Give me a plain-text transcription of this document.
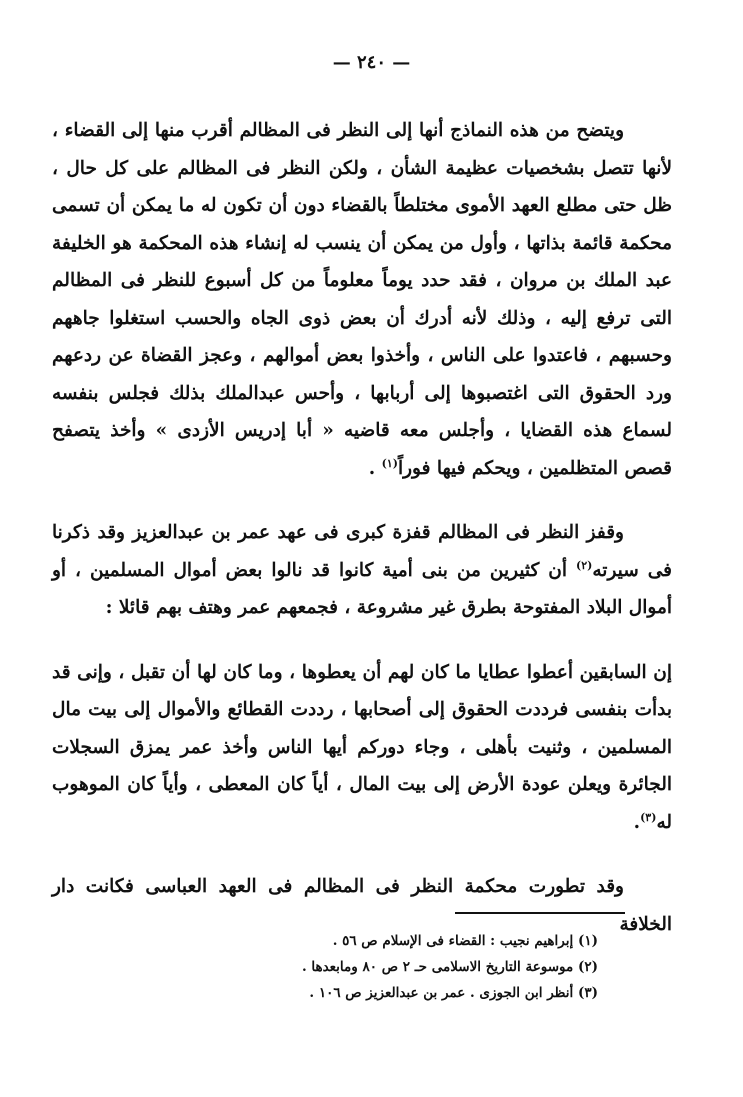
— ٢٤٠ —

ويتضح من هذه النماذج أنها إلى النظر فى المظالم أقرب منها إلى القضاء ، لأنها تتصل بشخصيات عظيمة الشأن ، ولكن النظر فى المظالم على كل حال ، ظل حتى مطلع العهد الأموى مختلطاً بالقضاء دون أن تكون له ما يمكن أن تسمى محكمة قائمة بذاتها ، وأول من يمكن أن ينسب له إنشاء هذه المحكمة هو الخليفة عبد الملك بن مروان ، فقد حدد يوماً معلوماً من كل أسبوع للنظر فى المظالم التى ترفع إليه ، وذلك لأنه أدرك أن بعض ذوى الجاه والحسب استغلوا جاههم وحسبهم ، فاعتدوا على الناس ، وأخذوا بعض أموالهم ، وعجز القضاة عن ردعهم ورد الحقوق التى اغتصبوها إلى أربابها ، وأحس عبدالملك بذلك فجلس بنفسه لسماع هذه القضايا ، وأجلس معه قاضيه « أبا إدريس الأزدى » وأخذ يتصفح قصص المتظلمين ، ويحكم فيها فوراً$^{(١)}$ .

وقفز النظر فى المظالم قفزة كبرى فى عهد عمر بن عبدالعزيز وقد ذكرنا فى سيرته$^{(٢)}$ أن كثيرين من بنى أمية كانوا قد نالوا بعض أموال المسلمين ، أو أموال البلاد المفتوحة بطرق غير مشروعة ، فجمعهم عمر وهتف بهم قائلا :

إن السابقين أعطوا عطايا ما كان لهم أن يعطوها ، وما كان لها أن تقبل ، وإنى قد بدأت بنفسى فرددت الحقوق إلى أصحابها ، رددت القطائع والأموال إلى بيت مال المسلمين ، وثنيت بأهلى ، وجاء دوركم أيها الناس وأخذ عمر يمزق السجلات الجائرة ويعلن عودة الأرض إلى بيت المال ، أياً كان المعطى ، وأياً كان الموهوب له$^{(٣)}$.

وقد تطورت محكمة النظر فى المظالم فى العهد العباسى فكانت دار الخلافة

(١) إبراهيم نجيب : القضاء فى الإسلام ص ٥٦ .

(٢) موسوعة التاريخ الاسلامى حـ ٢ ص ٨٠ ومابعدها .

(٣) أنظر ابن الجوزى . عمر بن عبدالعزيز ص ١٠٦ .
